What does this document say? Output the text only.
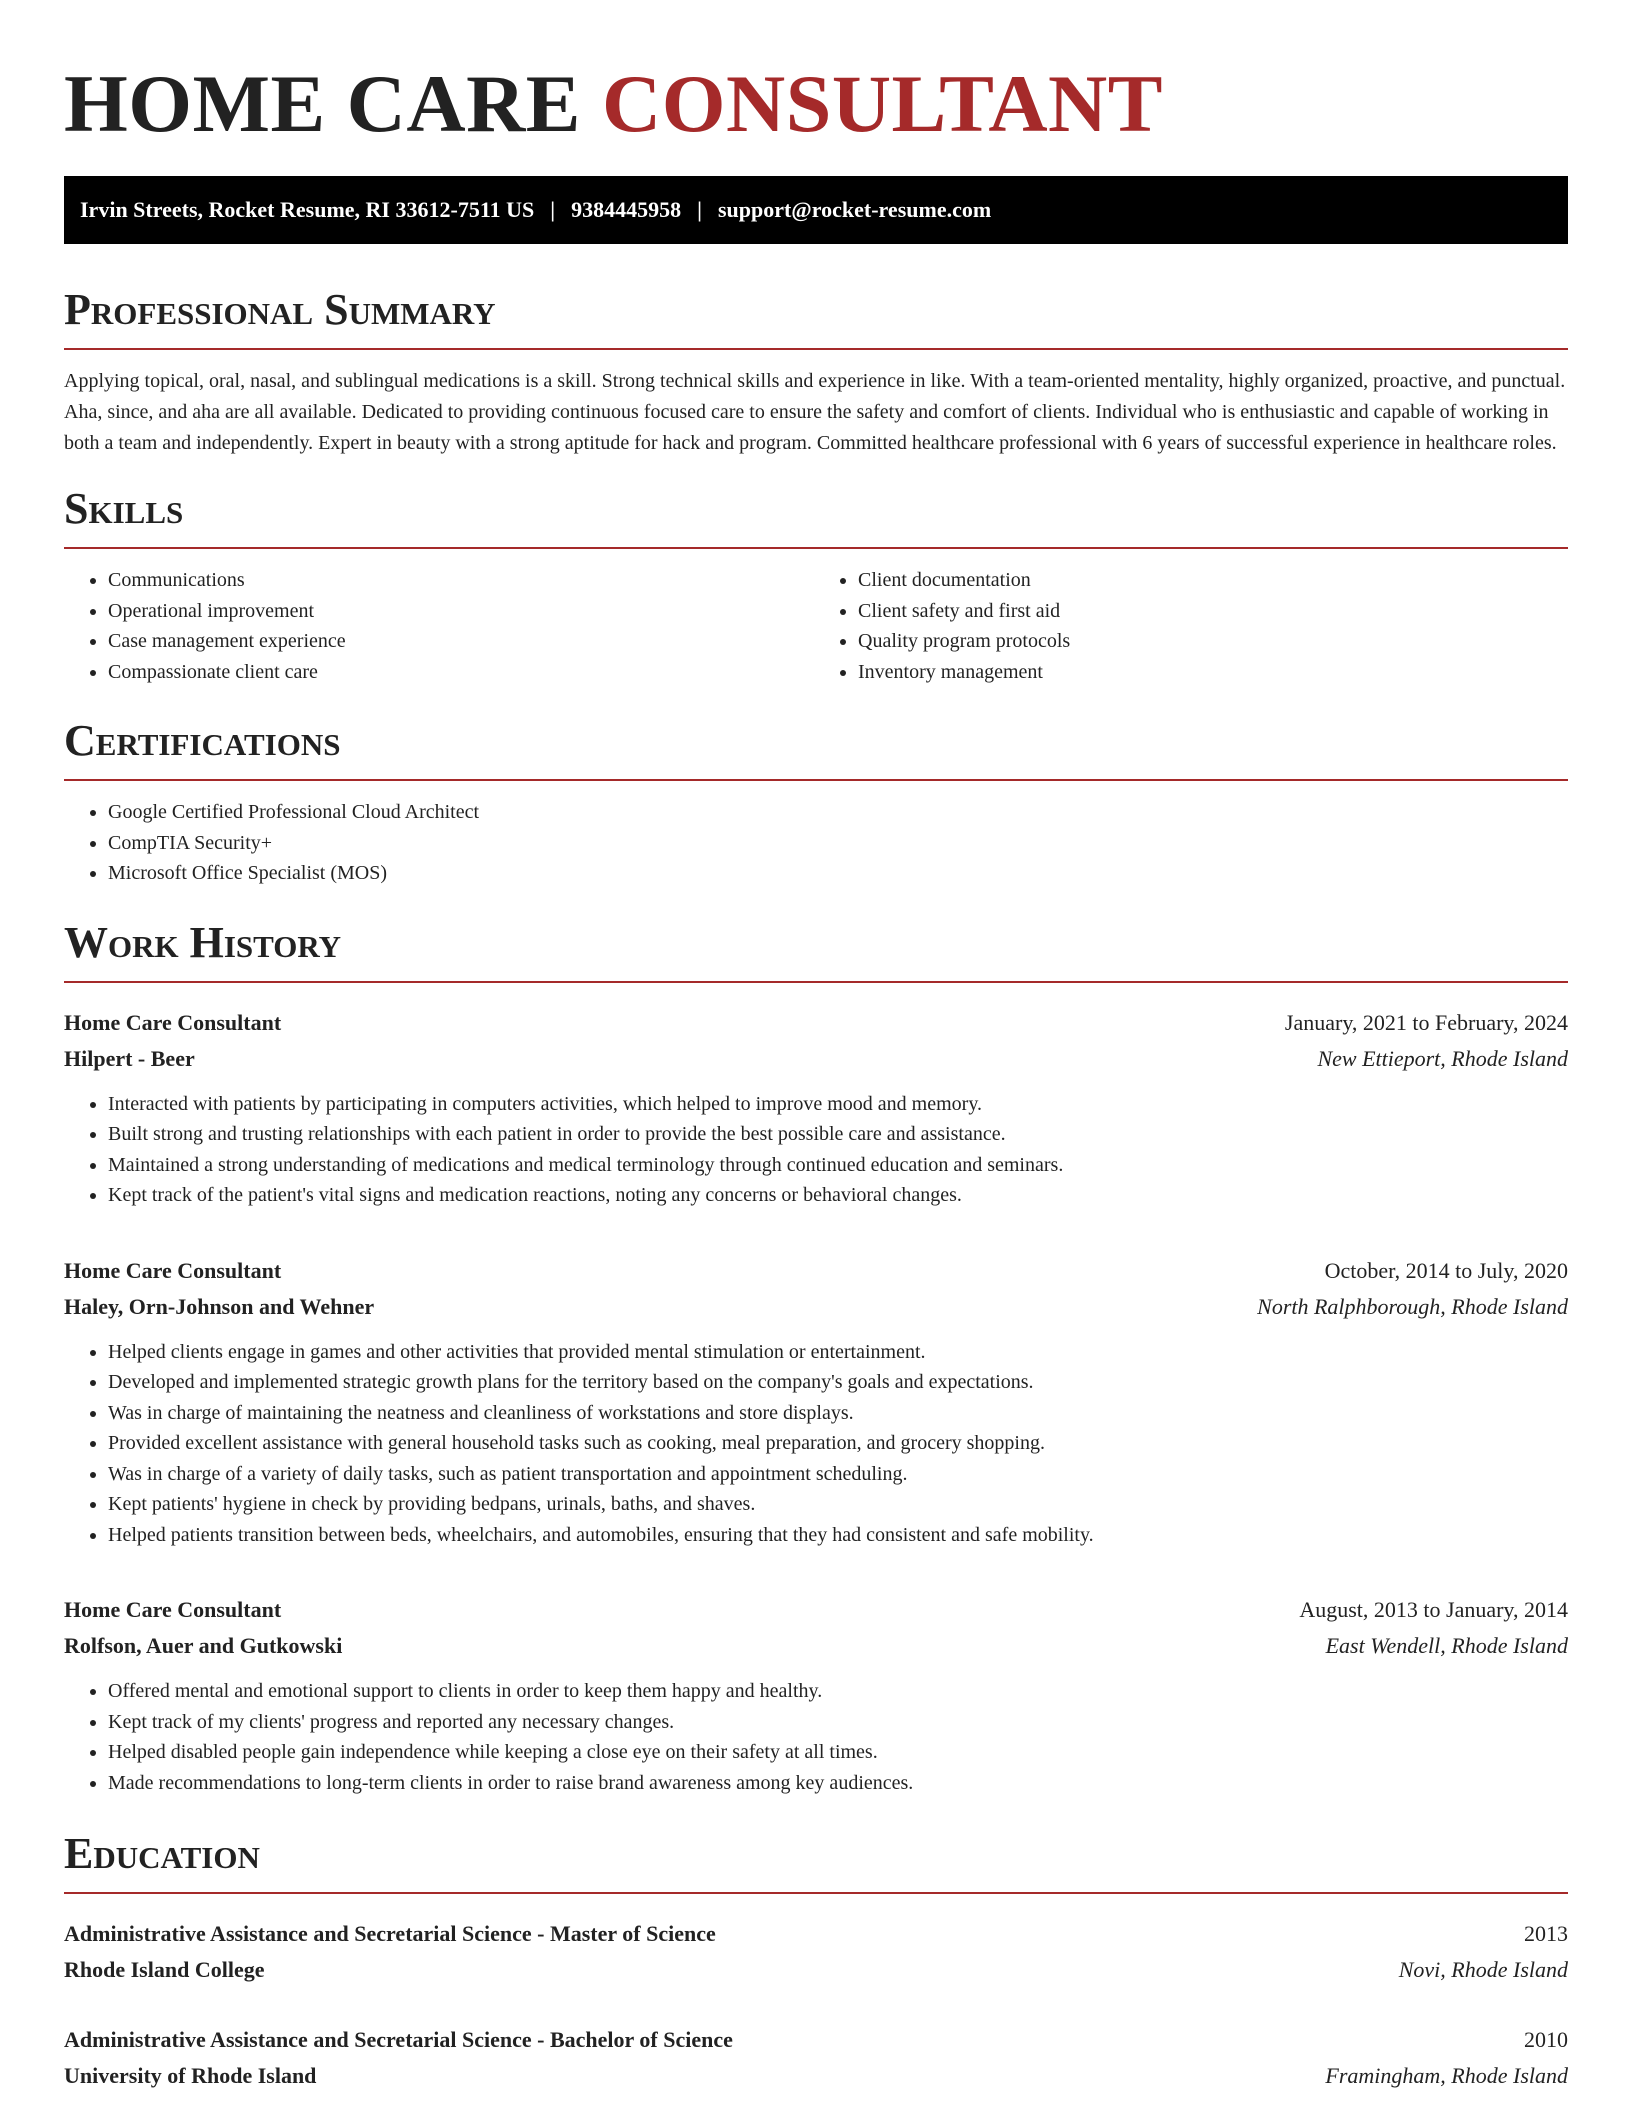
HOME CARE CONSULTANT
Irvin Streets, Rocket Resume, RI 33612-7511 US | 9384445958 | support@rocket-resume.com
Professional Summary

Applying topical, oral, nasal, and sublingual medications is a skill. Strong technical skills and experience in like. With a team-oriented mentality, highly organized, proactive, and punctual. Aha, since, and aha are all available. Dedicated to providing continuous focused care to ensure the safety and comfort of clients. Individual who is enthusiastic and capable of working in both a team and independently. Expert in beauty with a strong aptitude for hack and program. Committed healthcare professional with 6 years of successful experience in healthcare roles.

Skills
• Communications
• Operational improvement
• Case management experience
• Compassionate client care
• Client documentation
• Client safety and first aid
• Quality program protocols
• Inventory management
Certifications
• Google Certified Professional Cloud Architect
• CompTIA Security+
• Microsoft Office Specialist (MOS)
Work History
Home Care Consultant	January, 2021 to February, 2024
Hilpert - Beer	New Ettieport, Rhode Island
• Interacted with patients by participating in computers activities, which helped to improve mood and memory.
• Built strong and trusting relationships with each patient in order to provide the best possible care and assistance.
• Maintained a strong understanding of medications and medical terminology through continued education and seminars.
• Kept track of the patient's vital signs and medication reactions, noting any concerns or behavioral changes.
Home Care Consultant	October, 2014 to July, 2020
Haley, Orn-Johnson and Wehner	North Ralphborough, Rhode Island
• Helped clients engage in games and other activities that provided mental stimulation or entertainment.
• Developed and implemented strategic growth plans for the territory based on the company's goals and expectations.
• Was in charge of maintaining the neatness and cleanliness of workstations and store displays.
• Provided excellent assistance with general household tasks such as cooking, meal preparation, and grocery shopping.
• Was in charge of a variety of daily tasks, such as patient transportation and appointment scheduling.
• Kept patients' hygiene in check by providing bedpans, urinals, baths, and shaves.
• Helped patients transition between beds, wheelchairs, and automobiles, ensuring that they had consistent and safe mobility.
Home Care Consultant	August, 2013 to January, 2014
Rolfson, Auer and Gutkowski	East Wendell, Rhode Island
• Offered mental and emotional support to clients in order to keep them happy and healthy.
• Kept track of my clients' progress and reported any necessary changes.
• Helped disabled people gain independence while keeping a close eye on their safety at all times.
• Made recommendations to long-term clients in order to raise brand awareness among key audiences.
Education
Administrative Assistance and Secretarial Science - Master of Science	2013
Rhode Island College	Novi, Rhode Island
Administrative Assistance and Secretarial Science - Bachelor of Science	2010
University of Rhode Island	Framingham, Rhode Island
